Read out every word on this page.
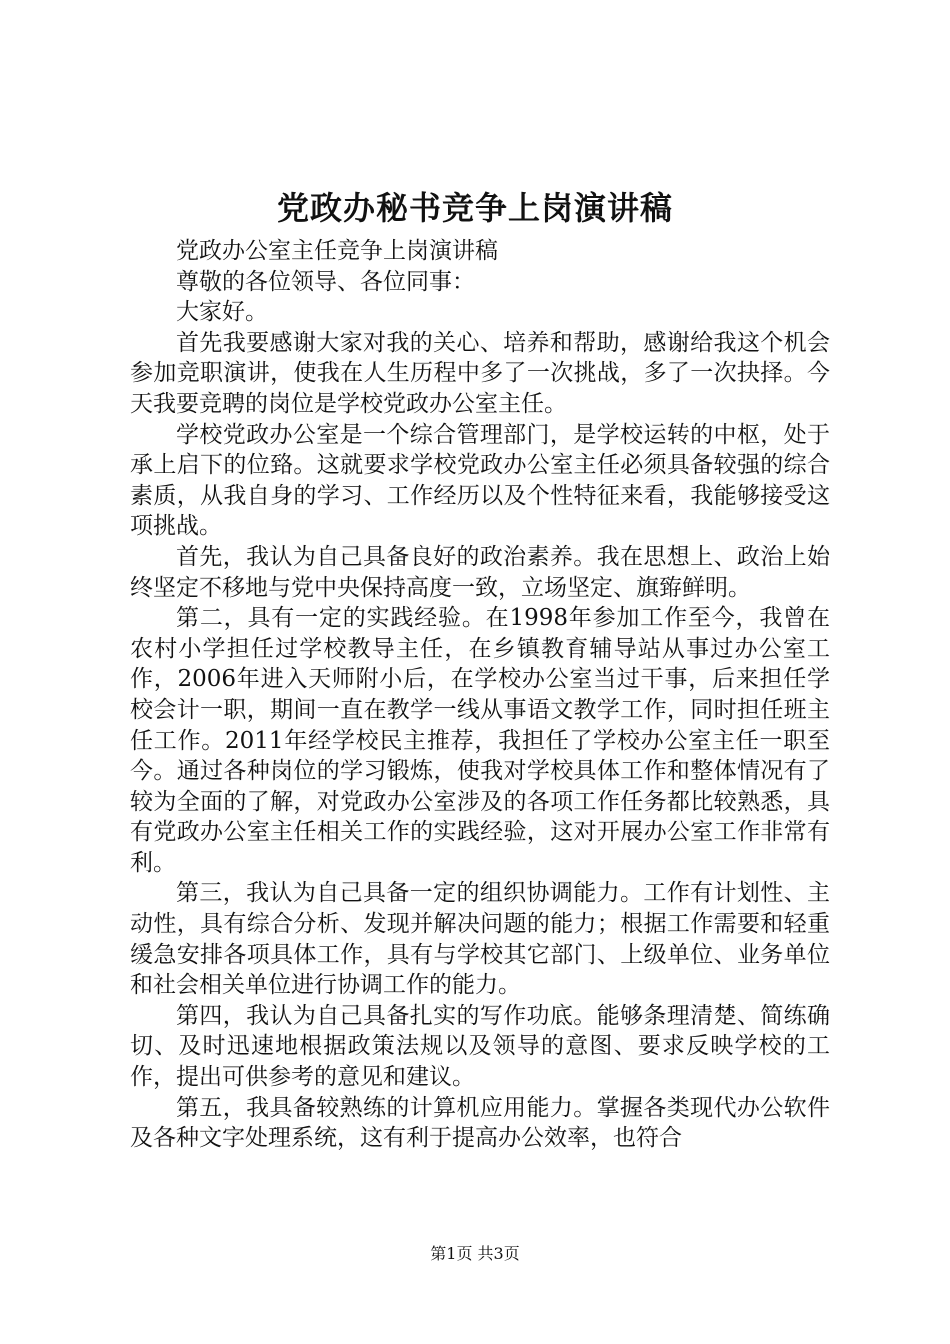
党政办秘书竞争上岗演讲稿

党政办公室主任竞争上岗演讲稿

尊敬的各位领导、各位同事：

大家好。

首先我要感谢大家对我的关心、培养和帮助，感谢给我这个机会参加竞职演讲，使我在人生历程中多了一次挑战，多了一次抉择。今天我要竞聘的岗位是学校党政办公室主任。

学校党政办公室是一个综合管理部门，是学校运转的中枢，处于承上启下的位臵。这就要求学校党政办公室主任必须具备较强的综合素质，从我自身的学习、工作经历以及个性特征来看，我能够接受这项挑战。

首先，我认为自己具备良好的政治素养。我在思想上、政治上始终坚定不移地与党中央保持高度一致，立场坚定、旗臶鲜明。

第二，具有一定的实践经验。在1998年参加工作至今，我曾在农村小学担任过学校教导主任，在乡镇教育辅导站从事过办公室工作，2006年进入天师附小后，在学校办公室当过干事，后来担任学校会计一职，期间一直在教学一线从事语文教学工作，同时担任班主任工作。2011年经学校民主推荐，我担任了学校办公室主任一职至今。通过各种岗位的学习锻炼，使我对学校具体工作和整体情况有了较为全面的了解，对党政办公室涉及的各项工作任务都比较熟悉，具有党政办公室主任相关工作的实践经验，这对开展办公室工作非常有利。

第三，我认为自己具备一定的组织协调能力。工作有计划性、主动性，具有综合分析、发现并解决问题的能力；根据工作需要和轻重缓急安排各项具体工作，具有与学校其它部门、上级单位、业务单位和社会相关单位进行协调工作的能力。

第四，我认为自己具备扎实的写作功底。能够条理清楚、简练确切、及时迅速地根据政策法规以及领导的意图、要求反映学校的工作，提出可供参考的意见和建议。

第五，我具备较熟练的计算机应用能力。掌握各类现代办公软件及各种文字处理系统，这有利于提高办公效率，也符合

第1页 共3页
